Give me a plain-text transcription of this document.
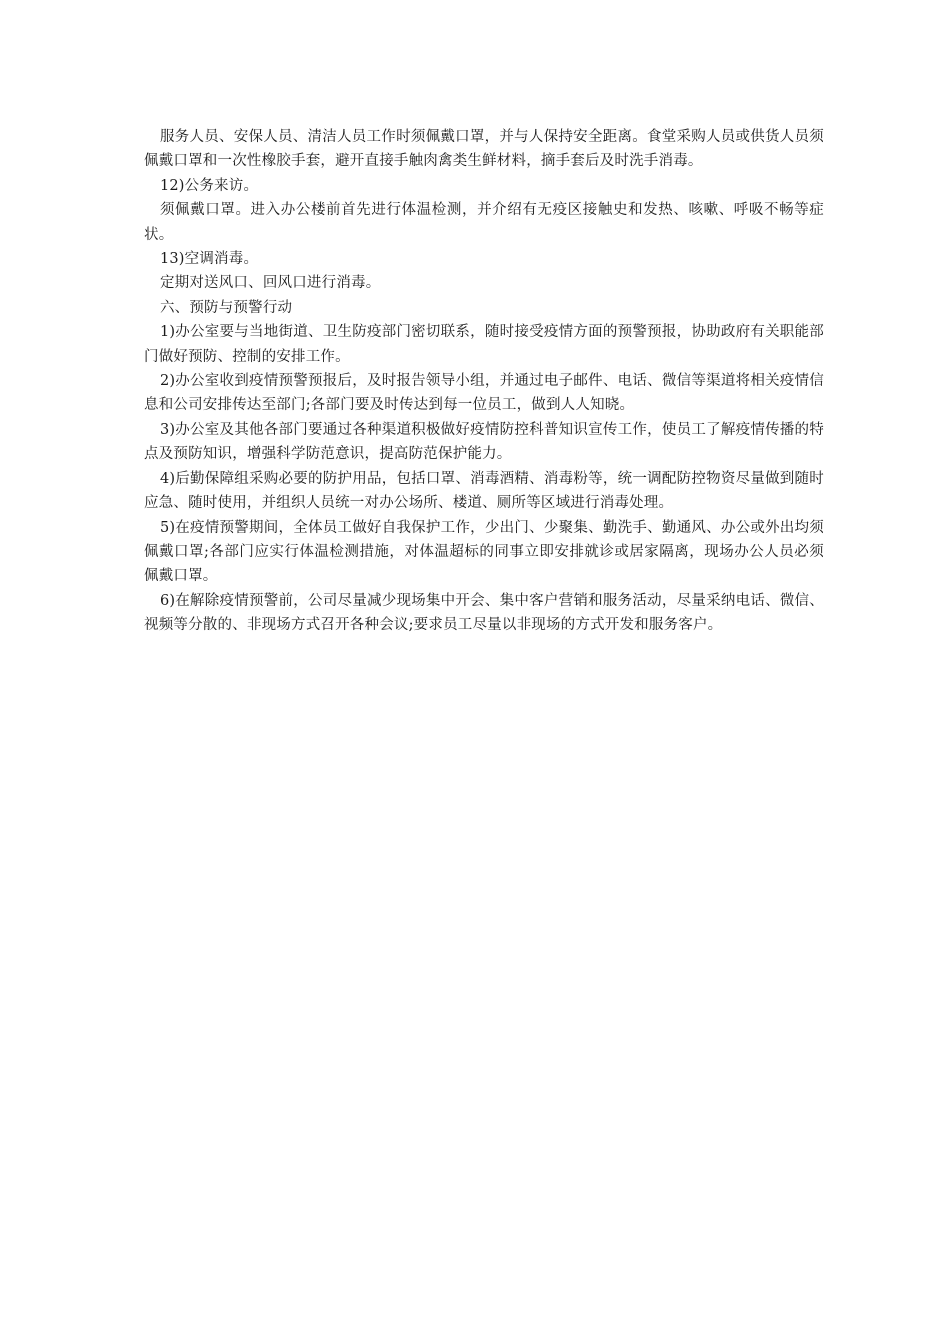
服务人员、安保人员、清洁人员工作时须佩戴口罩，并与人保持安全距离。食堂采购人员或供货人员须佩戴口罩和一次性橡胶手套，避开直接手触肉禽类生鲜材料，摘手套后及时洗手消毒。

12)公务来访。

须佩戴口罩。进入办公楼前首先进行体温检测，并介绍有无疫区接触史和发热、咳嗽、呼吸不畅等症状。

13)空调消毒。

定期对送风口、回风口进行消毒。

六、预防与预警行动

1)办公室要与当地街道、卫生防疫部门密切联系，随时接受疫情方面的预警预报，协助政府有关职能部门做好预防、控制的安排工作。

2)办公室收到疫情预警预报后，及时报告领导小组，并通过电子邮件、电话、微信等渠道将相关疫情信息和公司安排传达至部门;各部门要及时传达到每一位员工，做到人人知晓。

3)办公室及其他各部门要通过各种渠道积极做好疫情防控科普知识宣传工作，使员工了解疫情传播的特点及预防知识，增强科学防范意识，提高防范保护能力。

4)后勤保障组采购必要的防护用品，包括口罩、消毒酒精、消毒粉等，统一调配防控物资尽量做到随时应急、随时使用，并组织人员统一对办公场所、楼道、厕所等区域进行消毒处理。

5)在疫情预警期间，全体员工做好自我保护工作，少出门、少聚集、勤洗手、勤通风、办公或外出均须佩戴口罩;各部门应实行体温检测措施，对体温超标的同事立即安排就诊或居家隔离，现场办公人员必须佩戴口罩。

6)在解除疫情预警前，公司尽量减少现场集中开会、集中客户营销和服务活动，尽量采纳电话、微信、视频等分散的、非现场方式召开各种会议;要求员工尽量以非现场的方式开发和服务客户。
